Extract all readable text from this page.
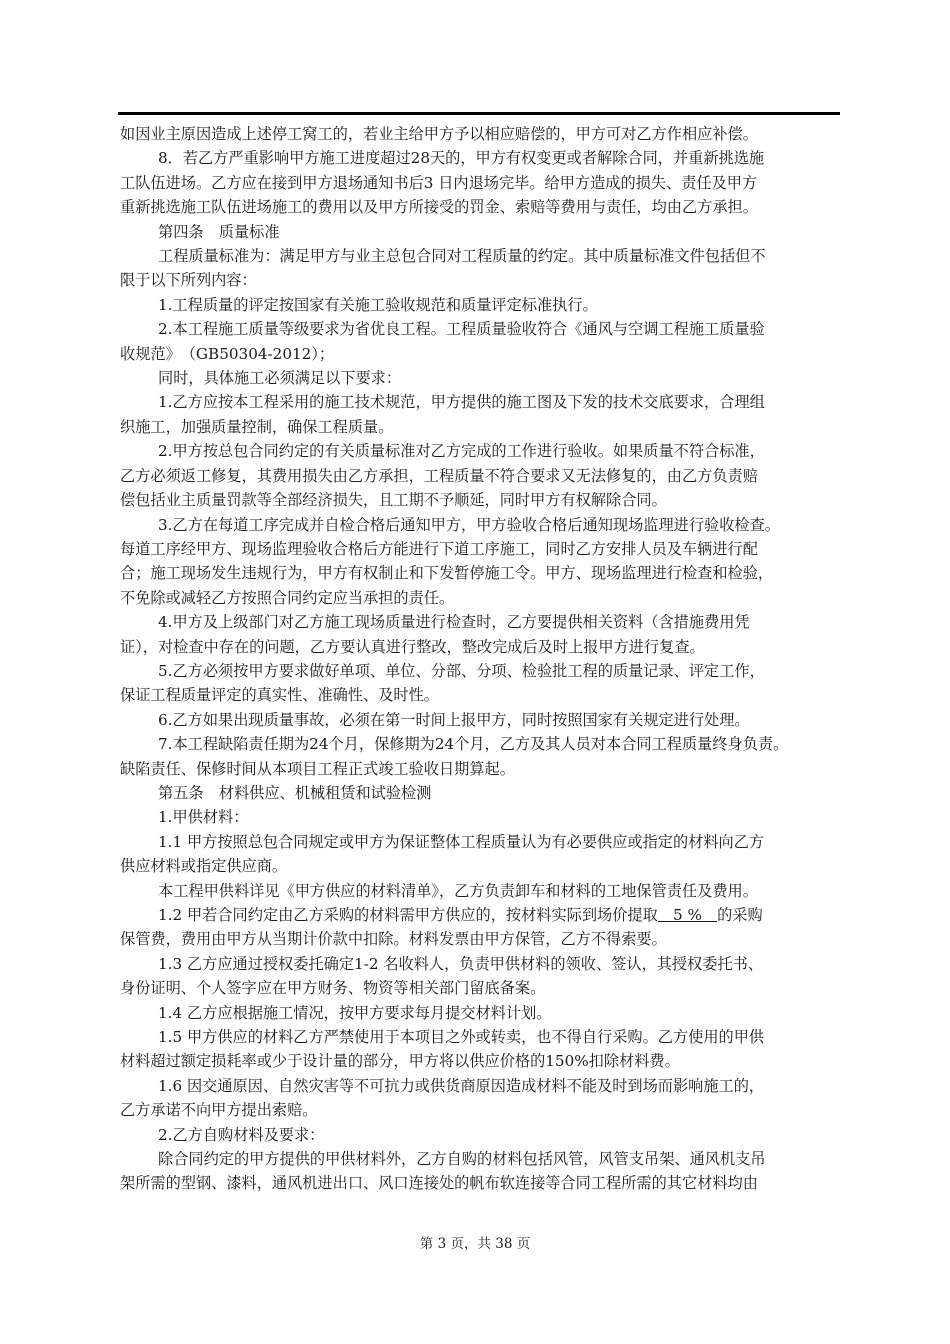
如因业主原因造成上述停工窝工的，若业主给甲方予以相应赔偿的，甲方可对乙方作相应补偿。

8．若乙方严重影响甲方施工进度超过28天的，甲方有权变更或者解除合同，并重新挑选施

工队伍进场。乙方应在接到甲方退场通知书后3 日内退场完毕。给甲方造成的损失、责任及甲方

重新挑选施工队伍进场施工的费用以及甲方所接受的罚金、索赔等费用与责任，均由乙方承担。

第四条　质量标准

工程质量标准为：满足甲方与业主总包合同对工程质量的约定。其中质量标准文件包括但不

限于以下所列内容：

1.工程质量的评定按国家有关施工验收规范和质量评定标准执行。

2.本工程施工质量等级要求为省优良工程。工程质量验收符合《通风与空调工程施工质量验

收规范》　（GB50304-2012）；

同时，具体施工必须满足以下要求：

1.乙方应按本工程采用的施工技术规范，甲方提供的施工图及下发的技术交底要求，合理组

织施工，加强质量控制，确保工程质量。

2.甲方按总包合同约定的有关质量标准对乙方完成的工作进行验收。如果质量不符合标准，

乙方必须返工修复，其费用损失由乙方承担，工程质量不符合要求又无法修复的，由乙方负责赔

偿包括业主质量罚款等全部经济损失，且工期不予顺延，同时甲方有权解除合同。

3.乙方在每道工序完成并自检合格后通知甲方，甲方验收合格后通知现场监理进行验收检查。

每道工序经甲方、现场监理验收合格后方能进行下道工序施工，同时乙方安排人员及车辆进行配

合；施工现场发生违规行为，甲方有权制止和下发暂停施工令。甲方、现场监理进行检查和检验，

不免除或减轻乙方按照合同约定应当承担的责任。

4.甲方及上级部门对乙方施工现场质量进行检查时，乙方要提供相关资料（含措施费用凭

证），对检查中存在的问题，乙方要认真进行整改，整改完成后及时上报甲方进行复查。

5.乙方必须按甲方要求做好单项、单位、分部、分项、检验批工程的质量记录、评定工作，

保证工程质量评定的真实性、准确性、及时性。

6.乙方如果出现质量事故，必须在第一时间上报甲方，同时按照国家有关规定进行处理。

7.本工程缺陷责任期为24个月，保修期为24个月，乙方及其人员对本合同工程质量终身负责。

缺陷责任、保修时间从本项目工程正式竣工验收日期算起。

第五条　材料供应、机械租赁和试验检测

1.甲供材料：

1.1 甲方按照总包合同规定或甲方为保证整体工程质量认为有必要供应或指定的材料向乙方

供应材料或指定供应商。

本工程甲供料详见《甲方供应的材料清单》，乙方负责卸车和材料的工地保管责任及费用。

1.2 甲若合同约定由乙方采购的材料需甲方供应的，按材料实际到场价提取　5 %　的采购

保管费，费用由甲方从当期计价款中扣除。材料发票由甲方保管，乙方不得索要。

1.3 乙方应通过授权委托确定1-2 名收料人，负责甲供材料的领收、签认，其授权委托书、

身份证明、个人签字应在甲方财务、物资等相关部门留底备案。

1.4 乙方应根据施工情况，按甲方要求每月提交材料计划。

1.5 甲方供应的材料乙方严禁使用于本项目之外或转卖，也不得自行采购。乙方使用的甲供

材料超过额定损耗率或少于设计量的部分，甲方将以供应价格的150%扣除材料费。

1.6 因交通原因、自然灾害等不可抗力或供货商原因造成材料不能及时到场而影响施工的，

乙方承诺不向甲方提出索赔。

2.乙方自购材料及要求：

除合同约定的甲方提供的甲供材料外，乙方自购的材料包括风管，风管支吊架、通风机支吊

架所需的型钢、漆料，通风机进出口、风口连接处的帆布软连接等合同工程所需的其它材料均由

第 3 页，共 38 页
